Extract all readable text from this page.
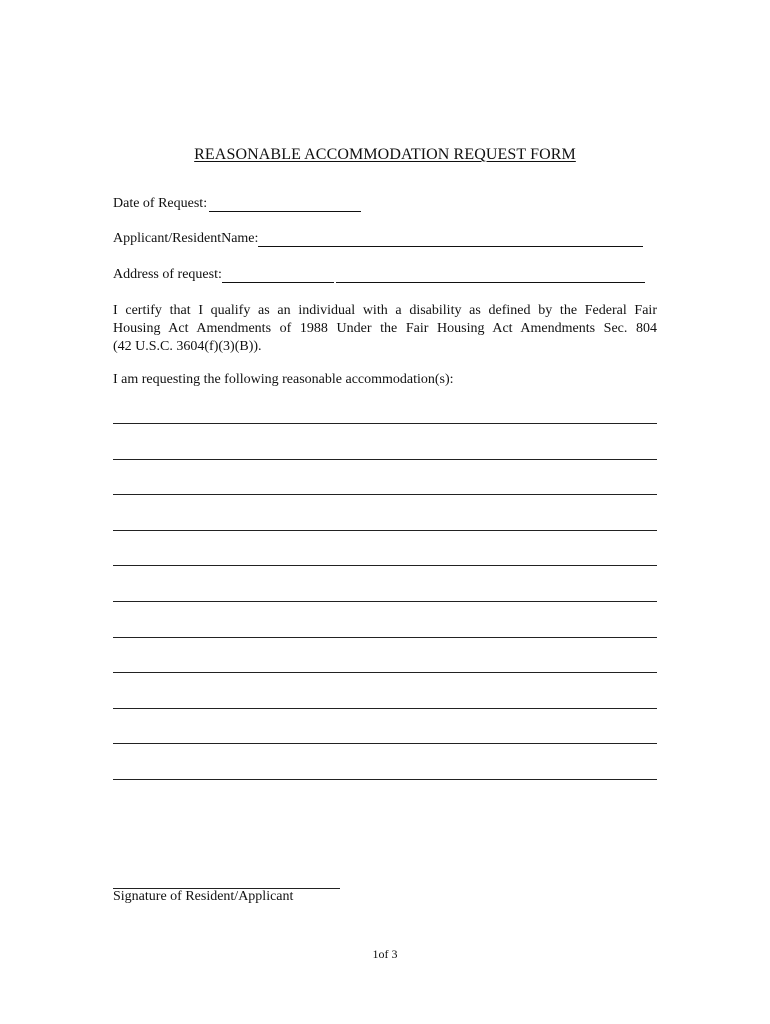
REASONABLE ACCOMMODATION REQUEST FORM
Date of Request:
Applicant/ResidentName:
Address of request:
I certify that I qualify as an individual with a disability as defined by the Federal Fair
Housing Act Amendments of 1988 Under the Fair Housing Act Amendments Sec. 804
(42 U.S.C. 3604(f)(3)(B)).
I am requesting the following reasonable accommodation(s):
Signature of Resident/Applicant
1of 3
